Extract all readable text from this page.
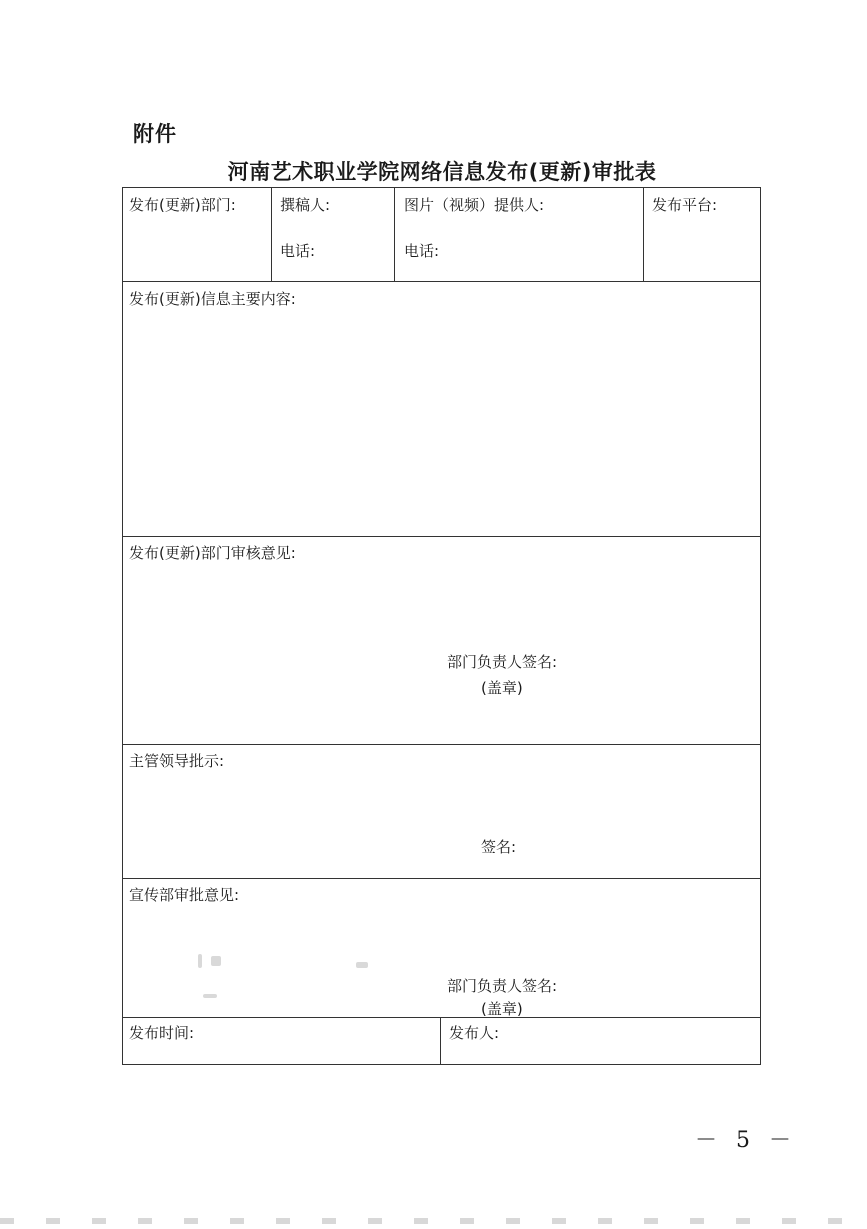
附件
河南艺术职业学院网络信息发布(更新)审批表
发布(更新)部门:	撰稿人:
电话:
图片（视频）提供人:
电话:
发布平台:
发布(更新)信息主要内容:
发布(更新)部门审核意见:
部门负责人签名:
(盖章)
主管领导批示:
签名:
宣传部审批意见:
部门负责人签名:
(盖章)
发布时间:	发布人:
－ 5 －
